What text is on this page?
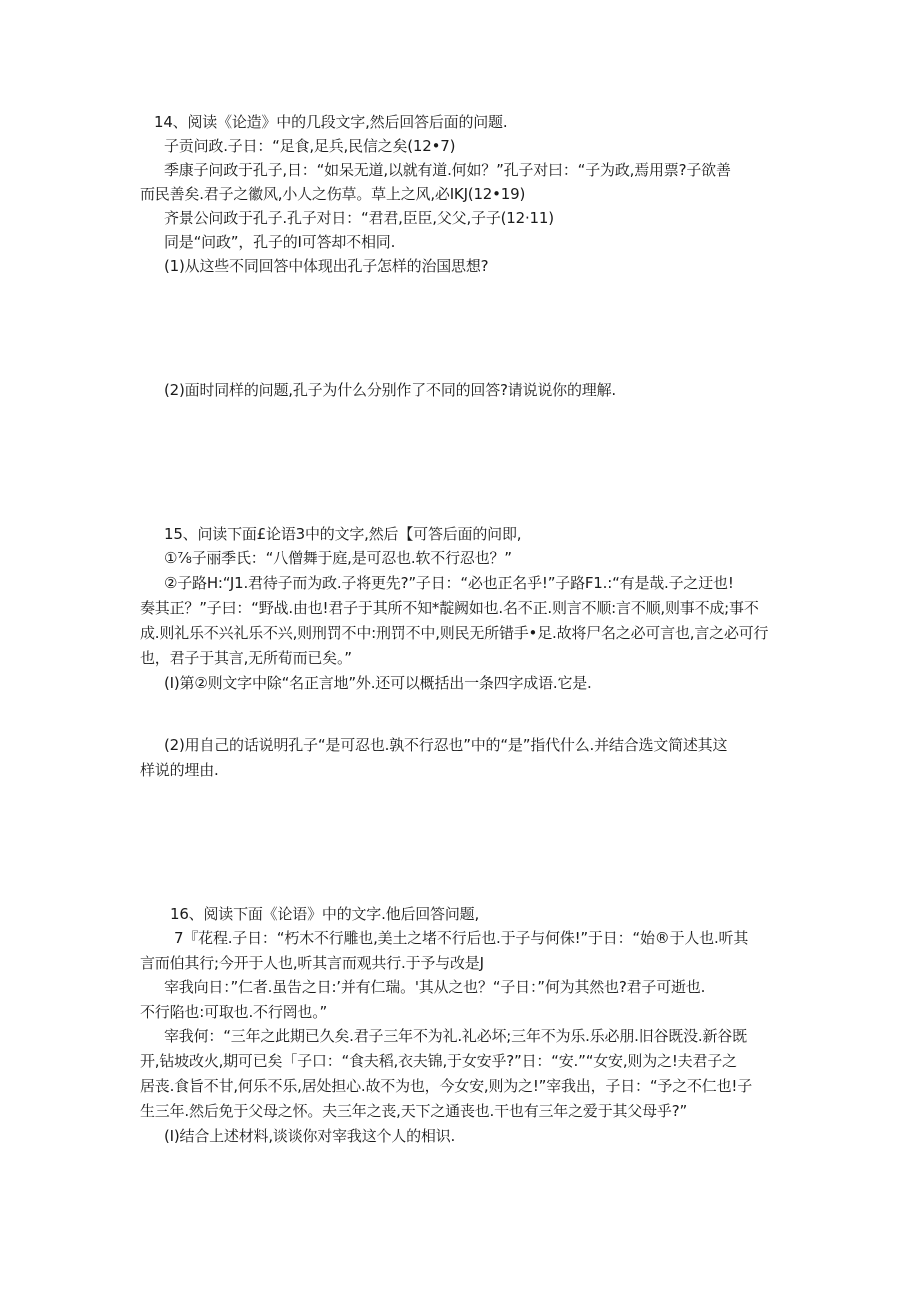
14、阅读《论造》中的几段文字,然后回答后面的问题.
子贡问政.子日：“足食,足兵,民信之矣(12•7)
季康子问政于孔子,日：“如呆无道,以就有道.何如？”孔子对曰：“子为政,焉用票?子欲善
而民善矣.君子之徽风,小人之伤草。草上之风,必IKJ(12•19)
齐景公问政于孔子.孔子对日：“君君,臣臣,父父,子子(12·11)
同是“问政”，孔子的I可答却不相同.
(1)从这些不同回答中体现出孔子怎样的治国思想?
(2)面时同样的问题,孔子为什么分别作了不同的回答?请说说你的理解.
15、问读下面£论语3中的文字,然后【可答后面的问即,
①⅞子丽季氏：“八僧舞于庭,是可忍也.软不行忍也？”
②子路H:“J1.君待子而为政.子将更先?”子日：“必也正名乎!”子路F1.:“有是哉.子之迂也!
奏其正？”子曰：“野战.由也!君子于其所不知*靛阙如也.名不正.则言不顺:言不顺,则事不成;事不
成.则礼乐不兴礼乐不兴,则刑罚不中:刑罚不中,则民无所错手•足.故将尸名之必可言也,言之必可行
也，君子于其言,无所荀而已矣。”
(I)第②则文字中除“名正言地”外.还可以概括出一条四字成语.它是.
(2)用自己的话说明孔子“是可忍也.孰不行忍也”中的“是”指代什么.并结合选文简述其这
样说的埋由.
16、阅读下面《论语》中的文字.他后回答问题,
7『花程.子日：“朽木不行雕也,美土之堵不行后也.于子与何侏!”于日：“始®于人也.听其
言而伯其行;今开于人也,听其言而观共行.于予与改是J
宰我向日：”仁者.虽告之日:’并有仁瑞。'其从之也？“子日：”何为其然也?君子可逝也.
不行陷也:可取也.不行罔也。”
宰我何：“三年之此期已久矣.君子三年不为礼.礼必坏;三年不为乐.乐必朋.旧谷既没.新谷既
开,钻坡改火,期可已矣「子口：“食夫稻,衣夫锦,于女安乎?”日：“安.”“女安,则为之!夫君子之
居丧.食旨不甘,何乐不乐,居处担心.故不为也，今女安,则为之!”宰我出，子日：“予之不仁也!子
生三年.然后免于父母之怀。夫三年之丧,天下之通丧也.干也有三年之爱于其父母乎?”
(I)结合上述材料,谈谈你对宰我这个人的相识.
